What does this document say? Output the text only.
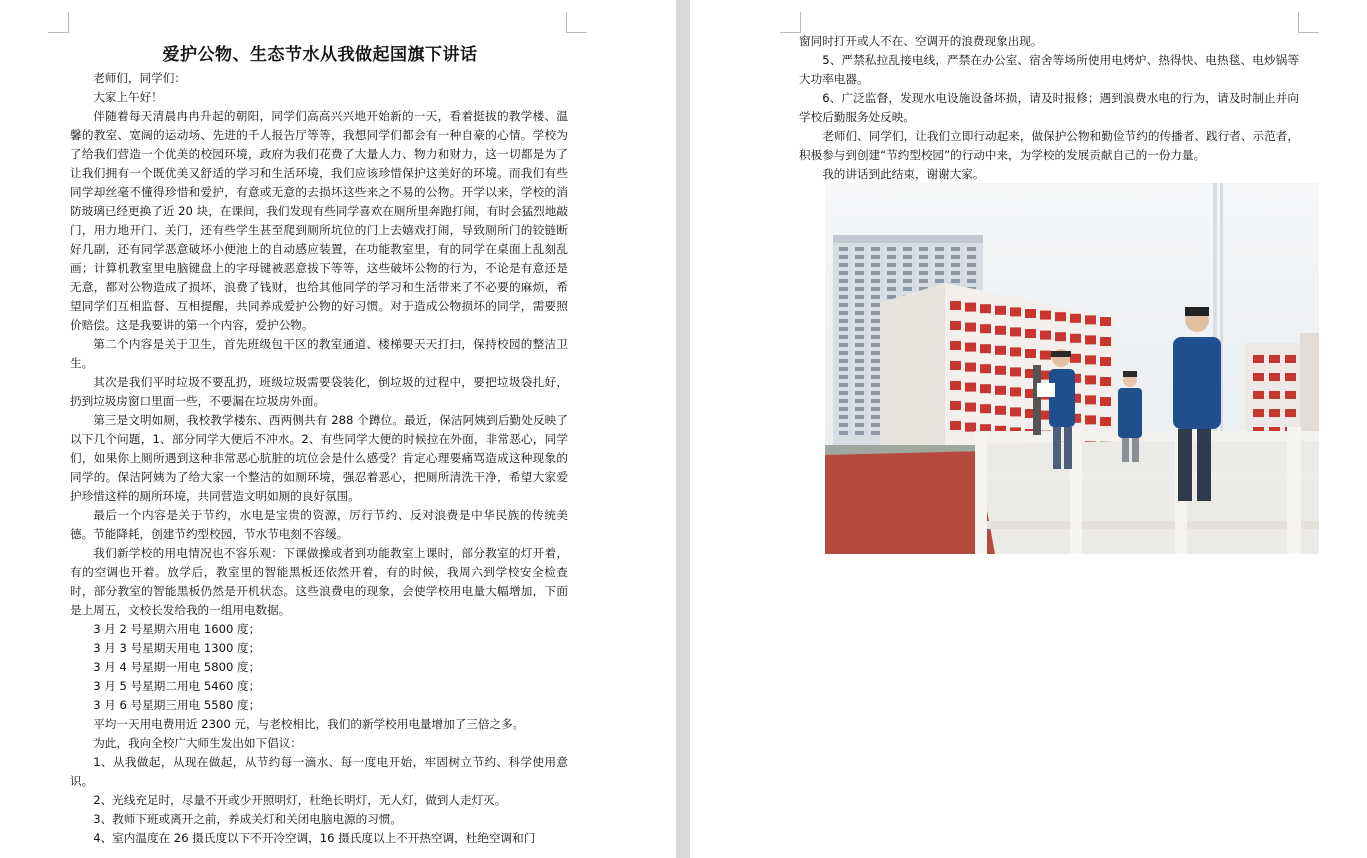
爱护公物、生态节水从我做起国旗下讲话

老师们，同学们：

大家上午好！

伴随着每天清晨冉冉升起的朝阳，同学们高高兴兴地开始新的一天，看着挺拔的教学楼、温馨的教室、宽阔的运动场、先进的千人报告厅等等，我想同学们都会有一种自豪的心情。学校为了给我们营造一个优美的校园环境，政府为我们花费了大量人力、物力和财力，这一切都是为了让我们拥有一个既优美又舒适的学习和生活环境，我们应该珍惜保护这美好的环境。而我们有些同学却丝毫不懂得珍惜和爱护，有意或无意的去损坏这些来之不易的公物。开学以来，学校的消防玻璃已经更换了近 20 块，在课间，我们发现有些同学喜欢在厕所里奔跑打闹，有时会猛烈地敲门，用力地开门、关门，还有些学生甚至爬到厕所坑位的门上去嬉戏打闹，导致厕所门的铰链断好几副，还有同学恶意破坏小便池上的自动感应装置，在功能教室里，有的同学在桌面上乱刻乱画；计算机教室里电脑键盘上的字母键被恶意拔下等等，这些破坏公物的行为，不论是有意还是无意，都对公物造成了损坏，浪费了钱财，也给其他同学的学习和生活带来了不必要的麻烦，希望同学们互相监督、互相提醒，共同养成爱护公物的好习惯。对于造成公物损坏的同学，需要照价赔偿。这是我要讲的第一个内容，爱护公物。

第二个内容是关于卫生，首先班级包干区的教室通道、楼梯要天天打扫，保持校园的整洁卫生。

其次是我们平时垃圾不要乱扔，班级垃圾需要袋装化，倒垃圾的过程中，要把垃圾袋扎好，扔到垃圾房窗口里面一些，不要漏在垃圾房外面。

第三是文明如厕，我校教学楼东、西两侧共有 288 个蹲位。最近，保洁阿姨到后勤处反映了以下几个问题，1、部分同学大便后不冲水。2、有些同学大便的时候拉在外面，非常恶心，同学们，如果你上厕所遇到这种非常恶心肮脏的坑位会是什么感受？肯定心理要痛骂造成这种现象的同学的。保洁阿姨为了给大家一个整洁的如厕环境，强忍着恶心，把厕所清洗干净，希望大家爱护珍惜这样的厕所环境，共同营造文明如厕的良好氛围。

最后一个内容是关于节约，水电是宝贵的资源，厉行节约、反对浪费是中华民族的传统美德。节能降耗，创建节约型校园，节水节电刻不容缓。

我们新学校的用电情况也不容乐观：下课做操或者到功能教室上课时，部分教室的灯开着，有的空调也开着。放学后，教室里的智能黑板还依然开着，有的时候，我周六到学校安全检查时，部分教室的智能黑板仍然是开机状态。这些浪费电的现象，会使学校用电量大幅增加，下面是上周五，文校长发给我的一组用电数据。

3 月 2 号星期六用电 1600 度；

3 月 3 号星期天用电 1300 度；

3 月 4 号星期一用电 5800 度；

3 月 5 号星期二用电 5460 度；

3 月 6 号星期三用电 5580 度；

平均一天用电费用近 2300 元，与老校相比，我们的新学校用电量增加了三倍之多。

为此，我向全校广大师生发出如下倡议：

1、从我做起，从现在做起，从节约每一滴水、每一度电开始，牢固树立节约、科学使用意识。

2、光线充足时，尽量不开或少开照明灯，杜绝长明灯，无人灯，做到人走灯灭。

3、教师下班或离开之前，养成关灯和关闭电脑电源的习惯。

4、室内温度在 26 摄氏度以下不开冷空调，16 摄氏度以上不开热空调，杜绝空调和门

窗同时打开或人不在、空调开的浪费现象出现。

5、严禁私拉乱接电线，严禁在办公室、宿舍等场所使用电烤炉、热得快、电热毯、电炒锅等大功率电器。

6、广泛监督，发现水电设施设备坏损，请及时报修；遇到浪费水电的行为，请及时制止并向学校后勤服务处反映。

老师们、同学们，让我们立即行动起来，做保护公物和勤俭节约的传播者、践行者、示范者，积极参与到创建“节约型校园”的行动中来，为学校的发展贡献自己的一份力量。

我的讲话到此结束，谢谢大家。
